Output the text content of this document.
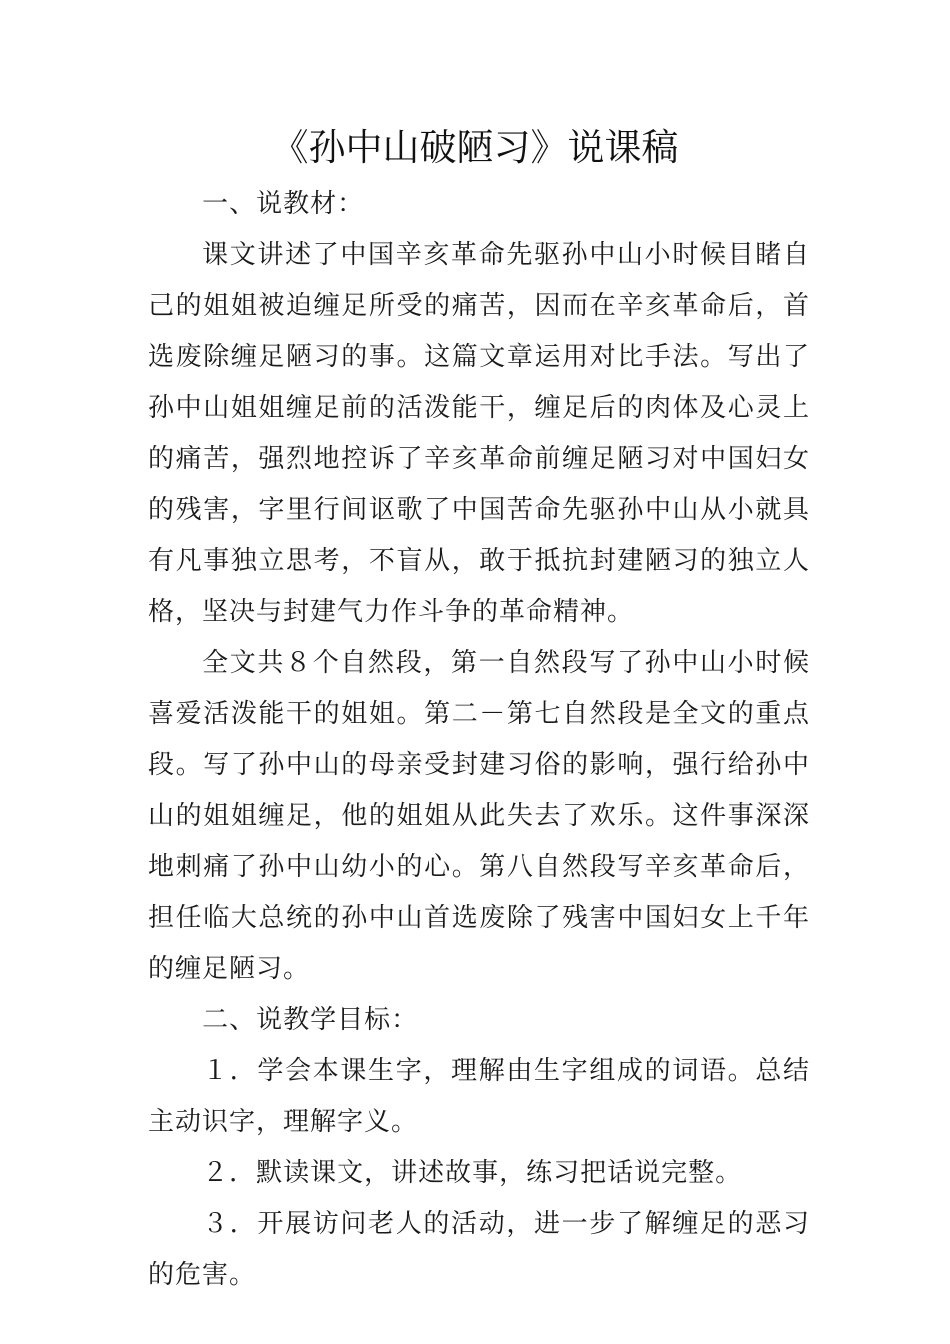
《孙中山破陋习》说课稿

一、说教材：

课文讲述了中国辛亥革命先驱孙中山小时候目睹自己的姐姐被迫缠足所受的痛苦，因而在辛亥革命后，首选废除缠足陋习的事。这篇文章运用对比手法。写出了孙中山姐姐缠足前的活泼能干，缠足后的肉体及心灵上的痛苦，强烈地控诉了辛亥革命前缠足陋习对中国妇女的残害，字里行间讴歌了中国苦命先驱孙中山从小就具有凡事独立思考，不盲从，敢于抵抗封建陋习的独立人格，坚决与封建气力作斗争的革命精神。

全文共８个自然段，第一自然段写了孙中山小时候喜爱活泼能干的姐姐。第二－第七自然段是全文的重点段。写了孙中山的母亲受封建习俗的影响，强行给孙中山的姐姐缠足，他的姐姐从此失去了欢乐。这件事深深地刺痛了孙中山幼小的心。第八自然段写辛亥革命后，担任临大总统的孙中山首选废除了残害中国妇女上千年的缠足陋习。

二、说教学目标：

１．学会本课生字，理解由生字组成的词语。总结主动识字，理解字义。

２．默读课文，讲述故事，练习把话说完整。

３．开展访问老人的活动，进一步了解缠足的恶习的危害。
